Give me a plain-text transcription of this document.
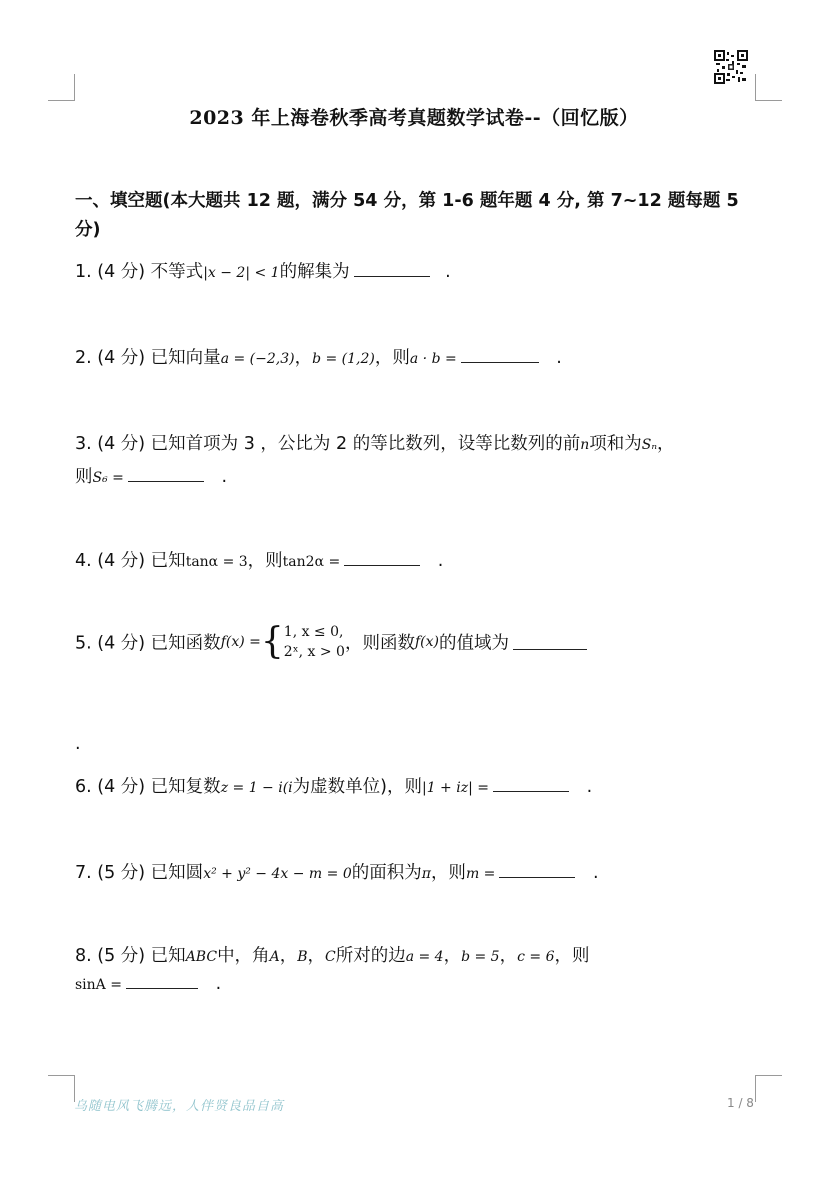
2023 年上海卷秋季高考真题数学试卷--（回忆版）
一、填空题(本大题共 12 题，满分 54 分，第 1-6 题年题 4 分, 第 7~12 题每题 5 分)
1. (4 分) 不等式|x − 2| < 1的解集为	.
2. (4 分) 已知向量a = (−2,3)，b = (1,2)，则a · b =	.
3. (4 分) 已知首项为 3 ，公比为 2 的等比数列，设等比数列的前n项和为Sₙ，
则S₆ =	.
4. (4 分) 已知tanα = 3，则tan2α =	.
5. (4 分) 已知函数f(x) ={1, x ≤ 0,
2ˣ, x > 0，则函数f(x)的值域为
.
6. (4 分) 已知复数z = 1 − i(i为虚数单位)，则|1 + iz| =	.
7. (5 分) 已知圆x² + y² − 4x − m = 0的面积为π，则m =	.
8. (5 分) 已知ABC中，角A，B，C所对的边a = 4，b = 5，c = 6，则
sinA =	.
乌随电风飞腾远，人伴贤良品自高	1 / 8
